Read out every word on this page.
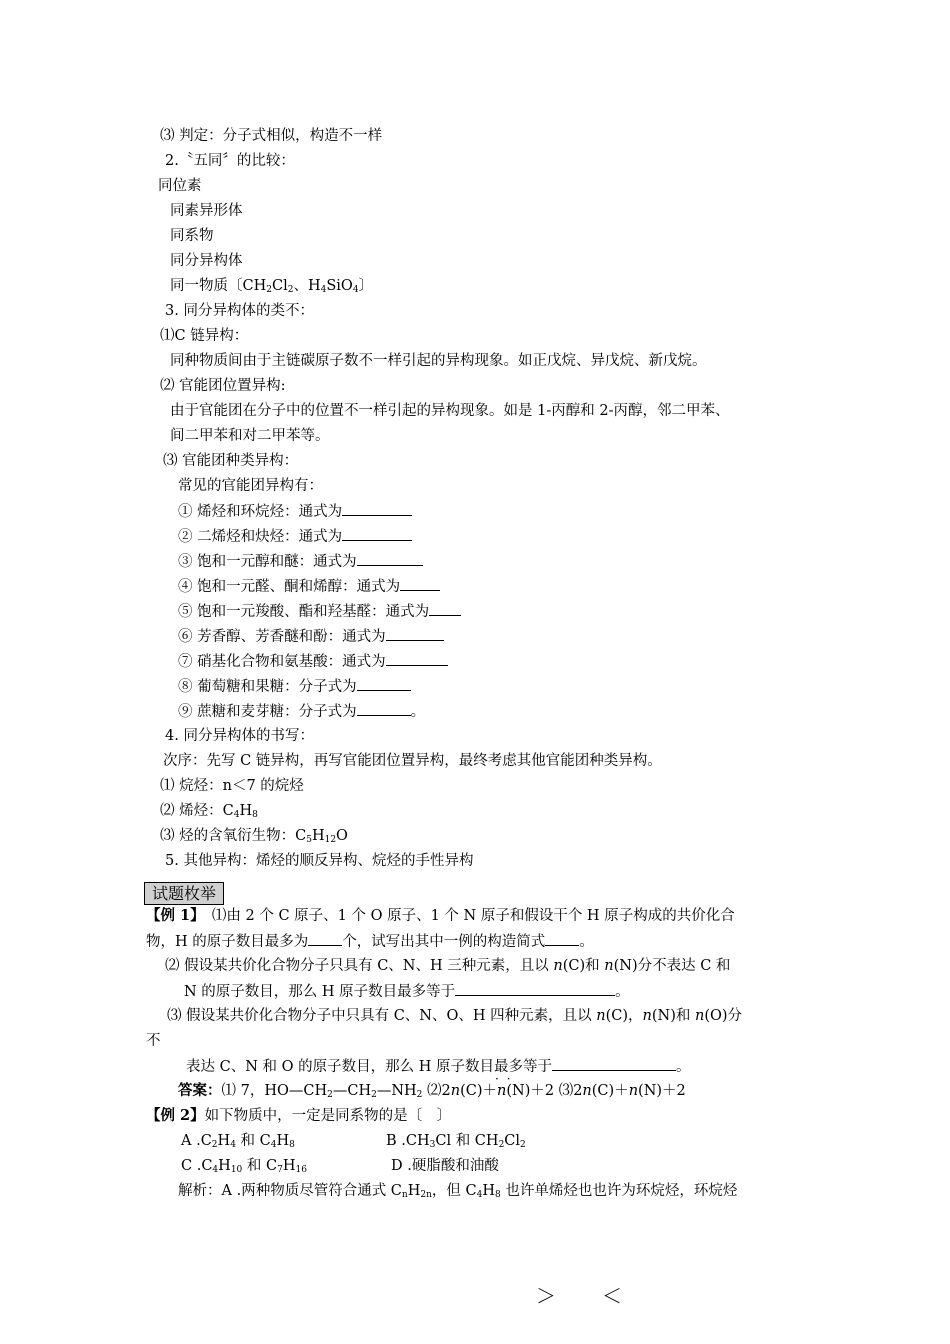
⑶ 判定：分子式相似，构造不一样
2.〝五同〞的比较：
同位素
同素异形体
同系物
同分异构体
同一物质〔$CH_2Cl_2$、$H_4SiO_4$〕
3. 同分异构体的类不：
⑴C 链异构：
同种物质间由于主链碳原子数不一样引起的异构现象。如正戊烷、异戊烷、新戊烷。
⑵ 官能团位置异构:
由于官能团在分子中的位置不一样引起的异构现象。如是 1-丙醇和 2-丙醇，邻二甲苯、
间二甲苯和对二甲苯等。
⑶ 官能团种类异构：
常见的官能团异构有：
① 烯烃和环烷烃：通式为
② 二烯烃和炔烃：通式为
③ 饱和一元醇和醚：通式为
④ 饱和一元醛、酮和烯醇：通式为
⑤ 饱和一元羧酸、酯和羟基醛：通式为
⑥ 芳香醇、芳香醚和酚：通式为
⑦ 硝基化合物和氨基酸：通式为
⑧ 葡萄糖和果糖：分子式为
⑨ 蔗糖和麦芽糖：分子式为	。
4. 同分异构体的书写：
次序：先写 C 链异构，再写官能团位置异构，最终考虑其他官能团种类异构。
⑴ 烷烃：n＜7 的烷烃
⑵ 烯烃：$C_4H_8$
⑶ 烃的含氧衍生物：$C_5H_{12}O$
5. 其他异构：烯烃的顺反异构、烷烃的手性异构
试题枚举
【例 1】　 ⑴由 2 个 C 原子、1 个 O 原子、1 个 N 原子和假设干个 H 原子构成的共价化合
物，H 的原子数目最多为 个，试写出其中一例的构造简式 。
⑵ 假设某共价化合物分子只具有 C、N、H 三种元素，且以 n(C)和 n(N)分不表达 C 和
N 的原子数目，那么 H 原子数目最多等于	。
⑶ 假设某共价化合物分子中只具有 C、N、O、H 四种元素，且以 n(C)，n(N)和 n(O)分
不
表达 C、N 和 O 的原子数目，那么 H 原子数目最多 · ·等于	。
答案：⑴ 7，$HO—CH_2—CH_2—NH_2$ ⑵2n(C)＋n(N)＋2 ⑶2n(C)＋n(N)＋2
【例 2】如下物质中，一定是同系物的是〔　〕
A $.C_2H_4$ 和 $C_4H_8$	B $.CH_3Cl$ 和 $CH_2Cl_2$
C $.C_4H_{10}$ 和 $C_7H_{16}$	D .硬脂酸和油酸
解析：A .两种物质尽管符合通式 $C_nH_{2n}$，但 $C_4H_8$ 也许单烯烃也也许为环烷烃，环烷烃
＞ ＜
